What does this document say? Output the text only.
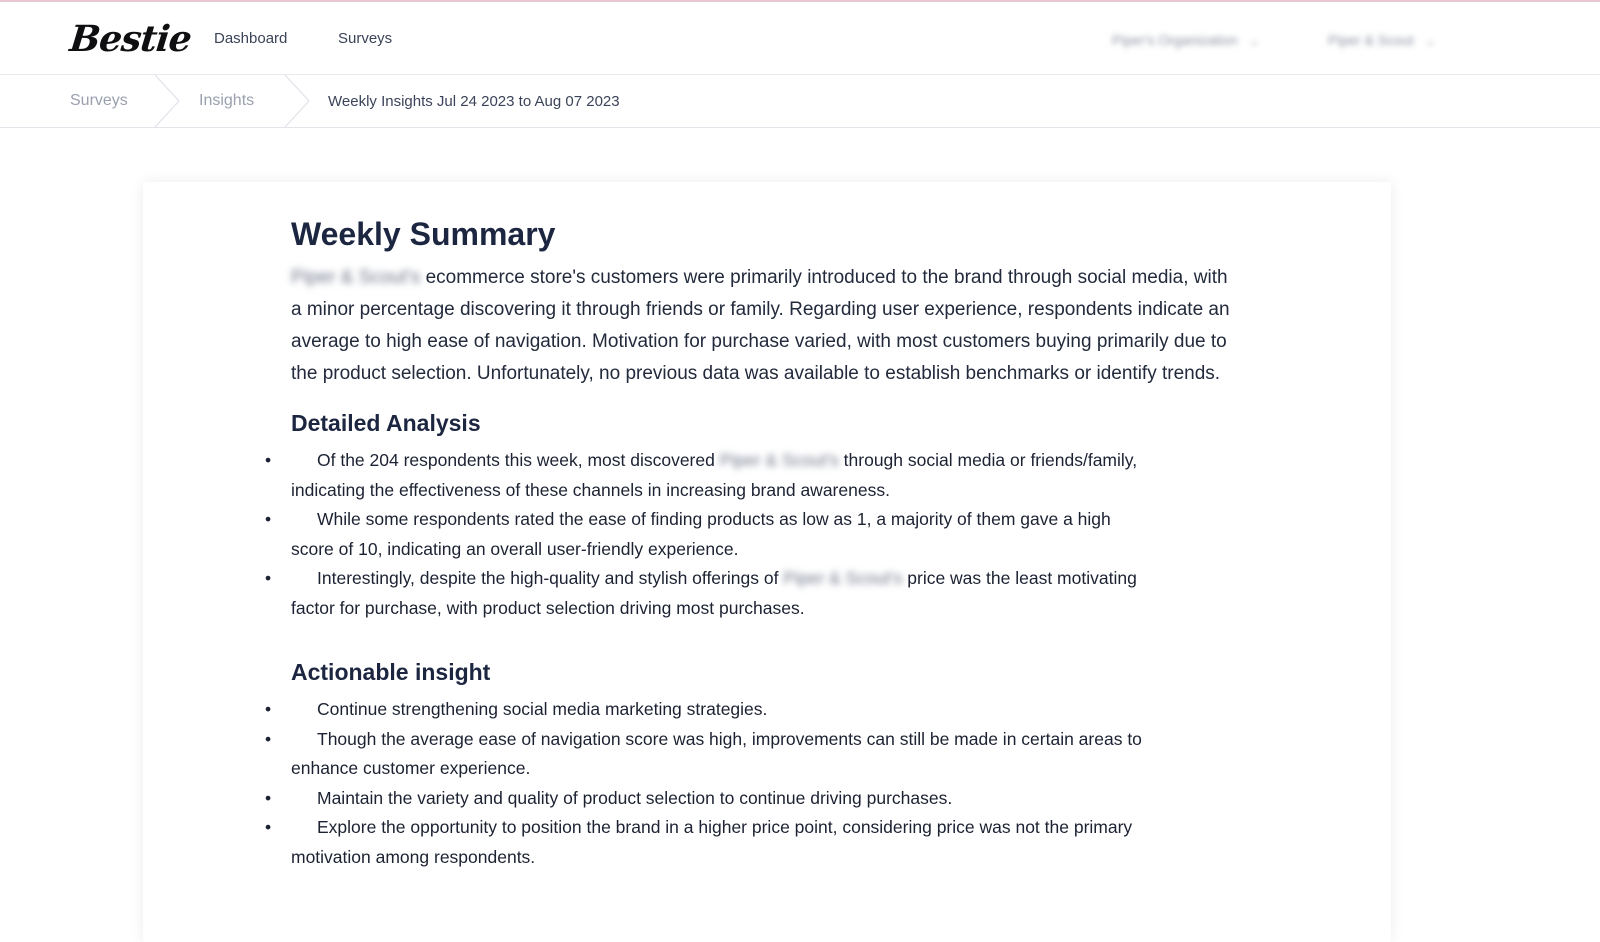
Bestie Dashboard	Surveys	Piper's Organization ⌄	Piper & Scout ⌄
Surveys	Insights	Weekly Insights Jul 24 2023 to Aug 07 2023
Weekly Summary

Piper & Scout's ecommerce store's customers were primarily introduced to the brand through social media, with a minor percentage discovering it through friends or family. Regarding user experience, respondents indicate an average to high ease of navigation. Motivation for purchase varied, with most customers buying primarily due to the product selection. Unfortunately, no previous data was available to establish benchmarks or identify trends.

Detailed Analysis
• Of the 204 respondents this week, most discovered Piper & Scout's through social media or friends/family, indicating the effectiveness of these channels in increasing brand awareness.
• While some respondents rated the ease of finding products as low as 1, a majority of them gave a high score of 10, indicating an overall user-friendly experience.
• Interestingly, despite the high-quality and stylish offerings of Piper & Scout's price was the least motivating factor for purchase, with product selection driving most purchases.
Actionable insight
• Continue strengthening social media marketing strategies.
• Though the average ease of navigation score was high, improvements can still be made in certain areas to enhance customer experience.
• Maintain the variety and quality of product selection to continue driving purchases.
• Explore the opportunity to position the brand in a higher price point, considering price was not the primary motivation among respondents.
